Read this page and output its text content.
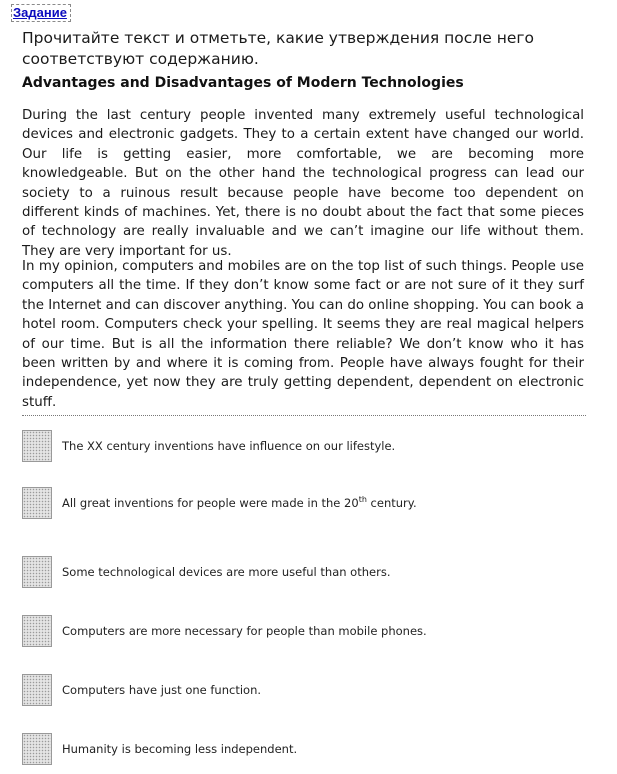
Задание
Прочитайте текст и отметьте, какие утверждения после него соответствуют содержанию.
Advantages and Disadvantages of Modern Technologies
During the last century people invented many extremely useful technological devices and electronic gadgets. They to a certain extent have changed our world. Our life is getting easier, more comfortable, we are becoming more knowledgeable. But on the other hand the technological progress can lead our society to a ruinous result because people have become too dependent on different kinds of machines. Yet, there is no doubt about the fact that some pieces of technology are really invaluable and we can’t imagine our life without them. They are very important for us.
In my opinion, computers and mobiles are on the top list of such things. People use computers all the time. If they don’t know some fact or are not sure of it they surf the Internet and can discover anything. You can do online shopping. You can book a hotel room. Computers check your spelling. It seems they are real magical helpers of our time. But is all the information there reliable? We don’t know who it has been written by and where it is coming from. People have always fought for their independence, yet now they are truly getting dependent, dependent on electronic stuff.
The XX century inventions have influence on our lifestyle.
All great inventions for people were made in the 20th century.
Some technological devices are more useful than others.
Computers are more necessary for people than mobile phones.
Computers have just one function.
Humanity is becoming less independent.
